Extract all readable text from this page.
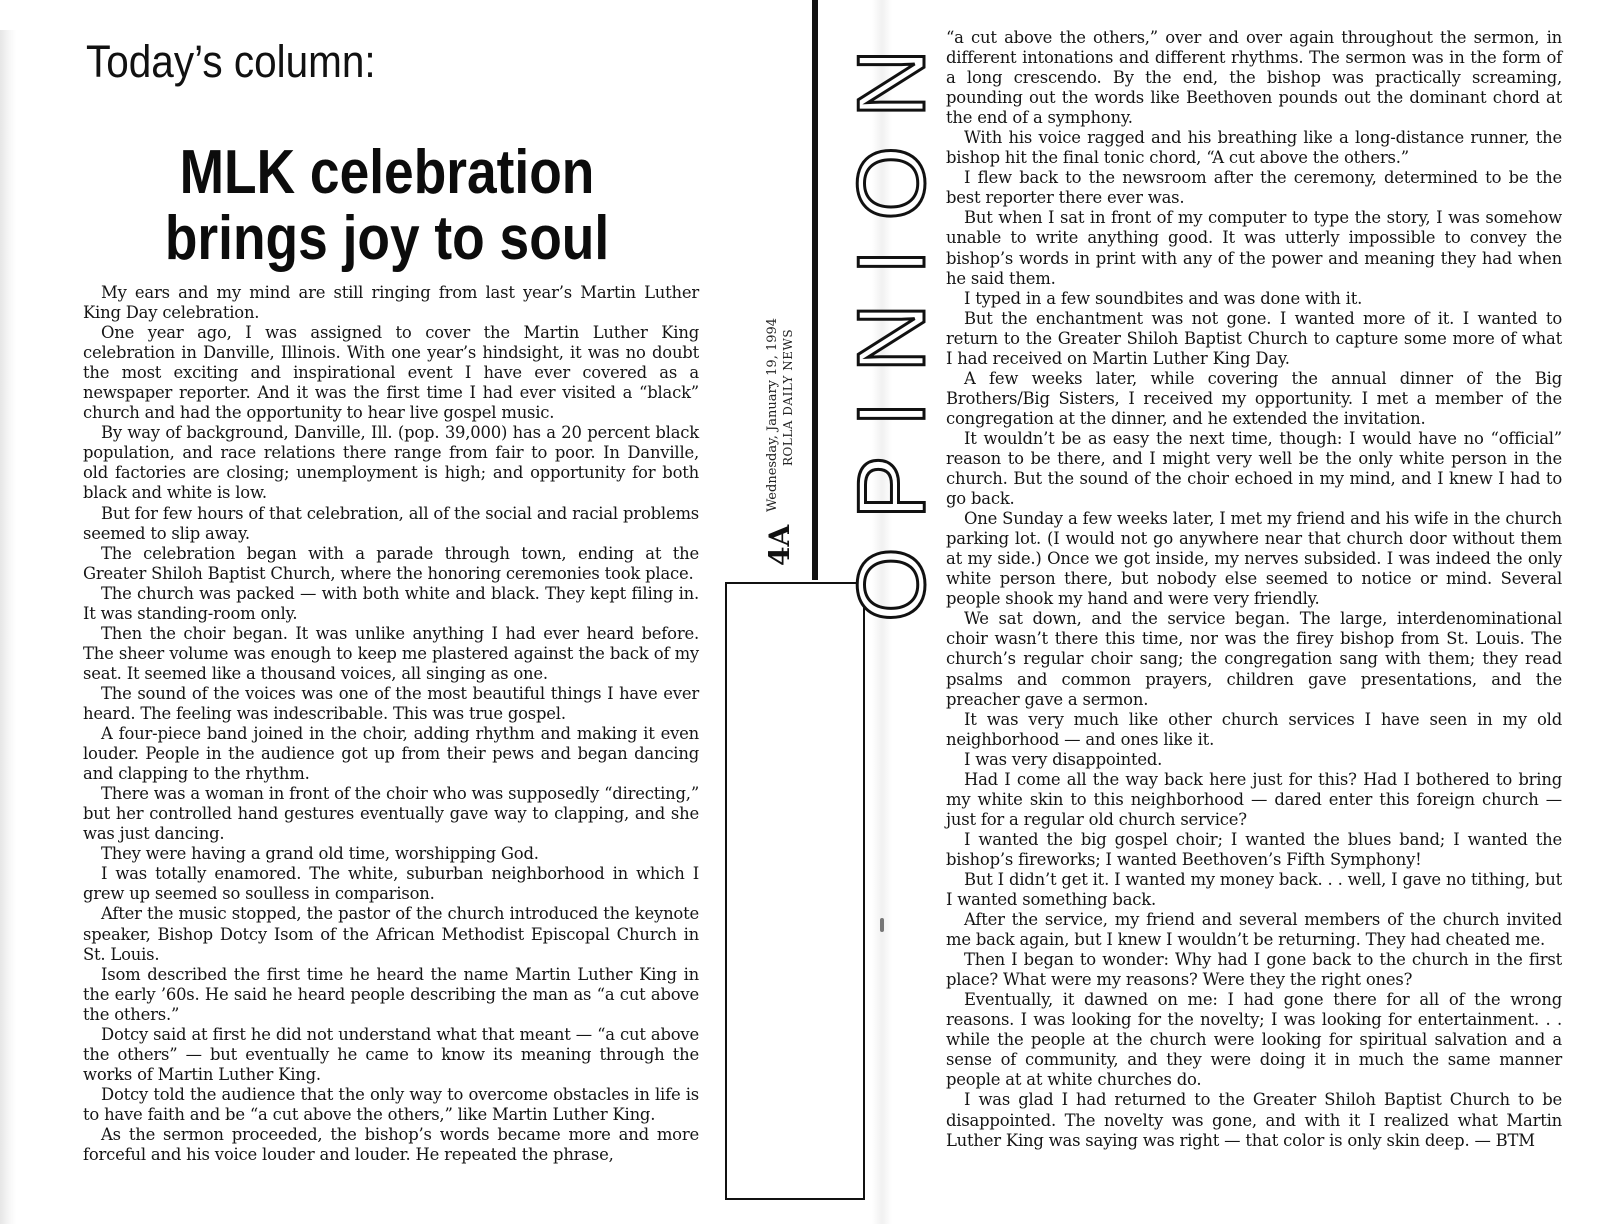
Today’s column:
MLK celebration
brings joy to soul

My ears and my mind are still ringing from last year’s Martin Luther King Day celebration.

One year ago, I was assigned to cover the Martin Luther King celebration in Danville, Illinois. With one year’s hindsight, it was no doubt the most exciting and inspirational event I have ever covered as a newspaper reporter. And it was the first time I had ever visited a “black” church and had the opportunity to hear live gospel music.

By way of background, Danville, Ill. (pop. 39,000) has a 20 percent black population, and race relations there range from fair to poor. In Danville, old factories are closing; unemployment is high; and opportunity for both black and white is low.

But for few hours of that celebration, all of the social and racial problems seemed to slip away.

The celebration began with a parade through town, ending at the Greater Shiloh Baptist Church, where the honoring ceremonies took place.

The church was packed — with both white and black. They kept filing in. It was standing-room only.

Then the choir began. It was unlike anything I had ever heard before. The sheer volume was enough to keep me plastered against the back of my seat. It seemed like a thousand voices, all singing as one.

The sound of the voices was one of the most beautiful things I have ever heard. The feeling was indescribable. This was true gospel.

A four-piece band joined in the choir, adding rhythm and making it even louder. People in the audience got up from their pews and began dancing and clapping to the rhythm.

There was a woman in front of the choir who was supposedly “directing,” but her controlled hand gestures eventually gave way to clapping, and she was just dancing.

They were having a grand old time, worshipping God.

I was totally enamored. The white, suburban neighborhood in which I grew up seemed so soulless in comparison.

After the music stopped, the pastor of the church introduced the keynote speaker, Bishop Dotcy Isom of the African Methodist Episcopal Church in St. Louis.

Isom described the first time he heard the name Martin Luther King in the early ’60s. He said he heard people describing the man as “a cut above the others.”

Dotcy said at first he did not understand what that meant — “a cut above the others” — but eventually he came to know its meaning through the works of Martin Luther King.

Dotcy told the audience that the only way to overcome obstacles in life is to have faith and be “a cut above the others,” like Martin Luther King.

As the sermon proceeded, the bishop’s words became more and more forceful and his voice louder and louder. He repeated the phrase,

4A
Wednesday, January 19, 1994 ROLLA DAILY NEWS OPINION “a cut above the others,” over and over again throughout the sermon, in different intonations and different rhythms. The sermon was in the form of a long crescendo. By the end, the bishop was practically screaming, pounding out the words like Beethoven pounds out the dominant chord at the end of a symphony.

With his voice ragged and his breathing like a long-distance runner, the bishop hit the final tonic chord, “A cut above the others.”

I flew back to the newsroom after the ceremony, determined to be the best reporter there ever was.

But when I sat in front of my computer to type the story, I was somehow unable to write anything good. It was utterly impossible to convey the bishop’s words in print with any of the power and meaning they had when he said them.

I typed in a few soundbites and was done with it.

But the enchantment was not gone. I wanted more of it. I wanted to return to the Greater Shiloh Baptist Church to capture some more of what I had received on Martin Luther King Day.

A few weeks later, while covering the annual dinner of the Big Brothers/Big Sisters, I received my opportunity. I met a member of the congregation at the dinner, and he extended the invitation.

It wouldn’t be as easy the next time, though: I would have no “official” reason to be there, and I might very well be the only white person in the church. But the sound of the choir echoed in my mind, and I knew I had to go back.

One Sunday a few weeks later, I met my friend and his wife in the church parking lot. (I would not go anywhere near that church door without them at my side.) Once we got inside, my nerves subsided. I was indeed the only white person there, but nobody else seemed to notice or mind. Several people shook my hand and were very friendly.

We sat down, and the service began. The large, interdenominational choir wasn’t there this time, nor was the firey bishop from St. Louis. The church’s regular choir sang; the congregation sang with them; they read psalms and common prayers, children gave presentations, and the preacher gave a sermon.

It was very much like other church services I have seen in my old neighborhood — and ones like it.

I was very disappointed.

Had I come all the way back here just for this? Had I bothered to bring my white skin to this neighborhood — dared enter this foreign church — just for a regular old church service?

I wanted the big gospel choir; I wanted the blues band; I wanted the bishop’s fireworks; I wanted Beethoven’s Fifth Symphony!

But I didn’t get it. I wanted my money back. . . well, I gave no tithing, but I wanted something back.

After the service, my friend and several members of the church invited me back again, but I knew I wouldn’t be returning. They had cheated me.

Then I began to wonder: Why had I gone back to the church in the first place? What were my reasons? Were they the right ones?

Eventually, it dawned on me: I had gone there for all of the wrong reasons. I was looking for the novelty; I was looking for entertainment. . . while the people at the church were looking for spiritual salvation and a sense of community, and they were doing it in much the same manner people at at white churches do.

I was glad I had returned to the Greater Shiloh Baptist Church to be disappointed. The novelty was gone, and with it I realized what Martin Luther King was saying was right — that color is only skin deep. — BTM
